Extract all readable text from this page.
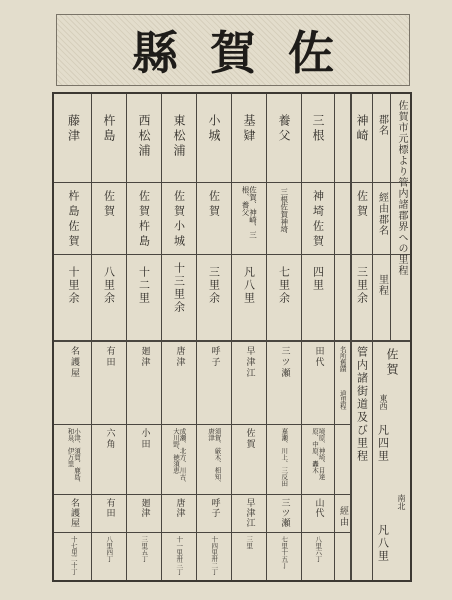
佐賀縣
佐賀市元標より管内諸郡界への里程
郡名
經由郡名
里程
神崎
佐賀
三里余
三根
神埼佐賀
四里
養父
三根佐賀神埼
七里余
基肄
佐賀、神崎、三根、養父
凡八里
小城
佐賀
三里余
東松浦
佐賀小城
十三里余
西松浦
佐賀杵島
十二里
杵島
佐賀
八里余
藤津
杵島佐賀
十里余
佐賀
東西
凡四里
南北
凡八里
管内諸街道及び里程
名所舊蹟
道里程
經由
田代
境原、神埼、目達原、中原、轟木
山代
八里六丁
三ツ瀬
嘉瀬、川上、三反田
三ツ瀬
七里十五丁
早津江
佐賀
早津江
三里
呼子
須賀、厳木、相知、唐津
呼子
十四里卅二丁
唐津
成瀬、北方、川古、大川野、徳須恵
唐津
十一里卅三丁
廻津
小田
廻津
三里五丁
有田
六角
有田
八里四丁
名護屋
小津、須賀、鹿島、和泉、伊万里
名護屋
十七里二十丁
